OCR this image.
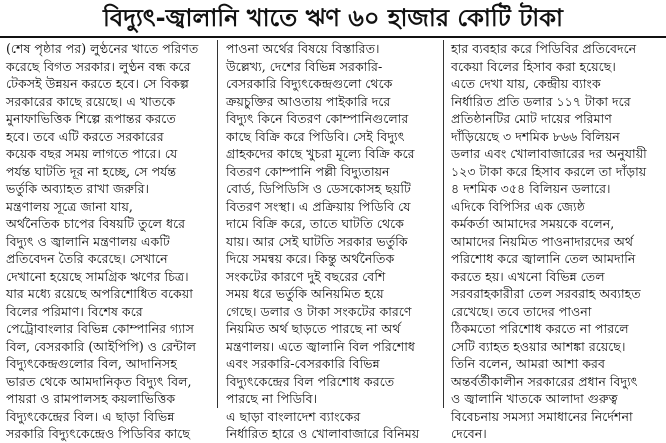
বিদ্যুৎ-জ্বালানি খাতে ঋণ ৬০ হাজার কোটি টাকা
(শেষ পৃষ্ঠার পর) লুণ্ঠনের খাতে পরিণত
করেছে বিগত সরকার। লুণ্ঠন বন্ধ করে
টেকসই উন্নয়ন করতে হবে। সে বিকল্প
সরকারের কাছে রয়েছে। এ খাতকে
মুনাফাভিত্তিক শিল্পে রূপান্তর করতে
হবে। তবে এটি করতে সরকারের
কয়েক বছর সময় লাগতে পারে। যে
পর্যন্ত ঘাটতি দূর না হচ্ছে, সে পর্যন্ত
ভর্তুকি অব্যাহত রাখা জরুরি।
মন্ত্রণালয় সূত্রে জানা যায়,
অর্থনৈতিক চাপের বিষয়টি তুলে ধরে
বিদ্যুৎ ও জ্বালানি মন্ত্রণালয় একটি
প্রতিবেদন তৈরি করেছে। সেখানে
দেখানো হয়েছে সামগ্রিক ঋণের চিত্র।
যার মধ্যে রয়েছে অপরিশোধিত বকেয়া
বিলের পরিমাণ। বিশেষ করে
পেট্রোবাংলার বিভিন্ন কোম্পানির গ্যাস
বিল, বেসরকারি (আইপিপি) ও রেন্টাল
বিদ্যুৎকেন্দ্রগুলোর বিল, আদানিসহ
ভারত থেকে আমদানিকৃত বিদ্যুৎ বিল,
পায়রা ও রামপালসহ কয়লাভিত্তিক
বিদ্যুৎকেন্দ্রের বিল। এ ছাড়া বিভিন্ন
সরকারি বিদ্যুৎকেন্দ্রেও পিডিবির কাছে
পাওনা অর্থের বিষয়ে বিস্তারিত।
উল্লেখ্য, দেশের বিভিন্ন সরকারি-
বেসরকারি বিদ্যুৎকেন্দ্রগুলো থেকে
ক্রয়চুক্তির আওতায় পাইকারি দরে
বিদ্যুৎ কিনে বিতরণ কোম্পানিগুলোর
কাছে বিক্রি করে পিডিবি। সেই বিদ্যুৎ
গ্রাহকদের কাছে খুচরা মূল্যে বিক্রি করে
বিতরণ কোম্পানি পল্লী বিদ্যুতায়ন
বোর্ড, ডিপিডিসি ও ডেসকোসহ ছয়টি
বিতরণ সংস্থা। এ প্রক্রিয়ায় পিডিবি যে
দামে বিক্রি করে, তাতে ঘাটতি থেকে
যায়। আর সেই ঘাটতি সরকার ভর্তুকি
দিয়ে সমন্বয় করে। কিন্তু অর্থনৈতিক
সংকটের কারণে দুই বছরের বেশি
সময় ধরে ভর্তুকি অনিয়মিত হয়ে
গেছে। ডলার ও টাকা সংকটের কারণে
নিয়মিত অর্থ ছাড়তে পারছে না অর্থ
মন্ত্রণালয়। এতে জ্বালানি বিল পরিশোধ
এবং সরকারি-বেসরকারি বিভিন্ন
বিদ্যুৎকেন্দ্রের বিল পরিশোধ করতে
পারছে না পিডিবি।
এ ছাড়া বাংলাদেশ ব্যাংকের
নির্ধারিত হারে ও খোলাবাজারে বিনিময়
হার ব্যবহার করে পিডিবির প্রতিবেদনে
বকেয়া বিলের হিসাব করা হয়েছে।
এতে দেখা যায়, কেন্দ্রীয় ব্যাংক
নির্ধারিত প্রতি ডলার ১১৭ টাকা দরে
প্রতিষ্ঠানটির মোট দায়ের পরিমাণ
দাঁড়িয়েছে ৩ দশমিক ৮৬৬ বিলিয়ন
ডলার এবং খোলাবাজারের দর অনুযায়ী
১২৩ টাকা করে হিসাব করলে তা দাঁড়ায়
৪ দশমিক ৩৫৪ বিলিয়ন ডলারে।
এদিকে বিপিসির এক জ্যেষ্ঠ
কর্মকর্তা আমাদের সময়কে বলেন,
আমাদের নিয়মিত পাওনাদারদের অর্থ
পরিশোধ করে জ্বালানি তেল আমদানি
করতে হয়। এখনো বিভিন্ন তেল
সরবরাহকারীরা তেল সরবরাহ অব্যাহত
রেখেছে। তবে তাদের পাওনা
ঠিকমতো পরিশোধ করতে না পারলে
সেটি ব্যাহত হওয়ার আশঙ্কা রয়েছে।
তিনি বলেন, আমরা আশা করব
অন্তর্বর্তীকালীন সরকারের প্রধান বিদ্যুৎ
ও জ্বালানি খাতকে আলাদা গুরুত্ব
বিবেচনায় সমস্যা সমাধানের নির্দেশনা
দেবেন।
